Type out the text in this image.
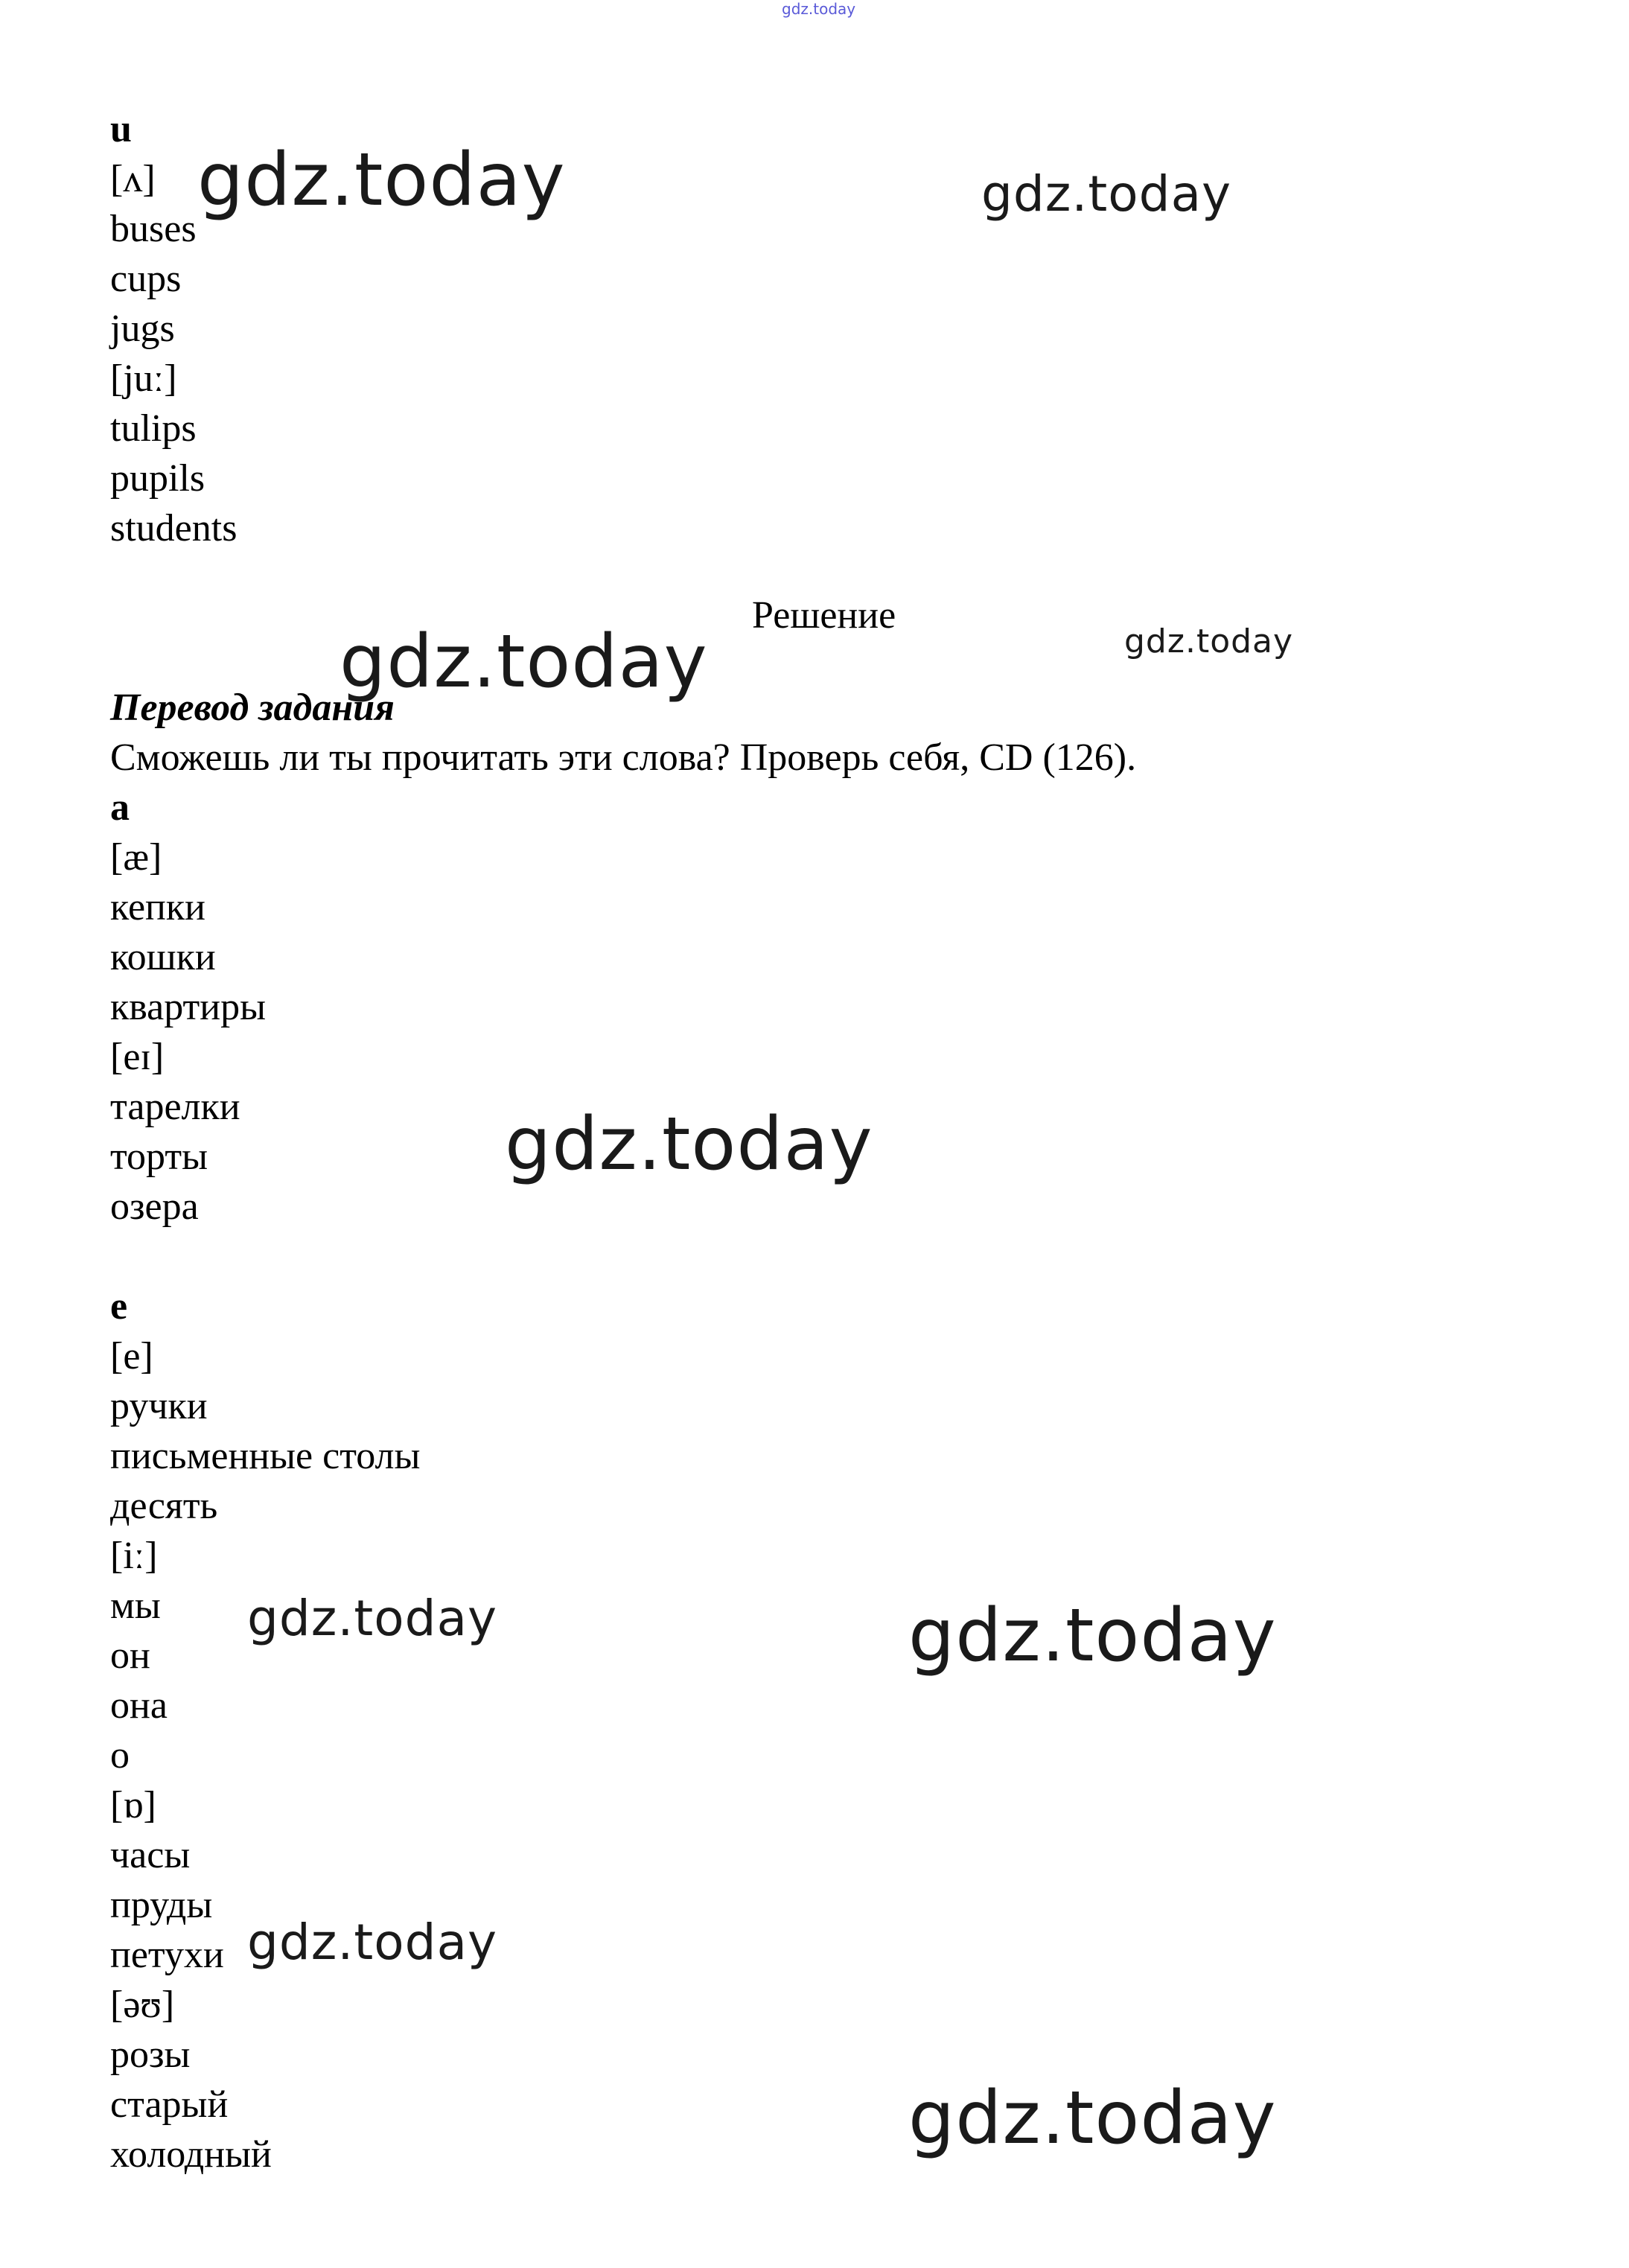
gdz.today
u
[ʌ]
buses
cups
jugs
[juː]
tulips
pupils
students
Перевод задания
Сможешь ли ты прочитать эти слова? Проверь себя, CD (126).
a
[æ]
кепки
кошки
квартиры
[eɪ]
тарелки
торты
озера
e
[e]
ручки
письменные столы
десять
[iː]
мы
он
она
o
[ɒ]
часы
пруды
петухи
[əʊ]
розы
старый
холодный
Решение
gdz.today	gdz.today
gdz.today	gdz.today
gdz.today
gdz.today	gdz.today
gdz.today
gdz.today
